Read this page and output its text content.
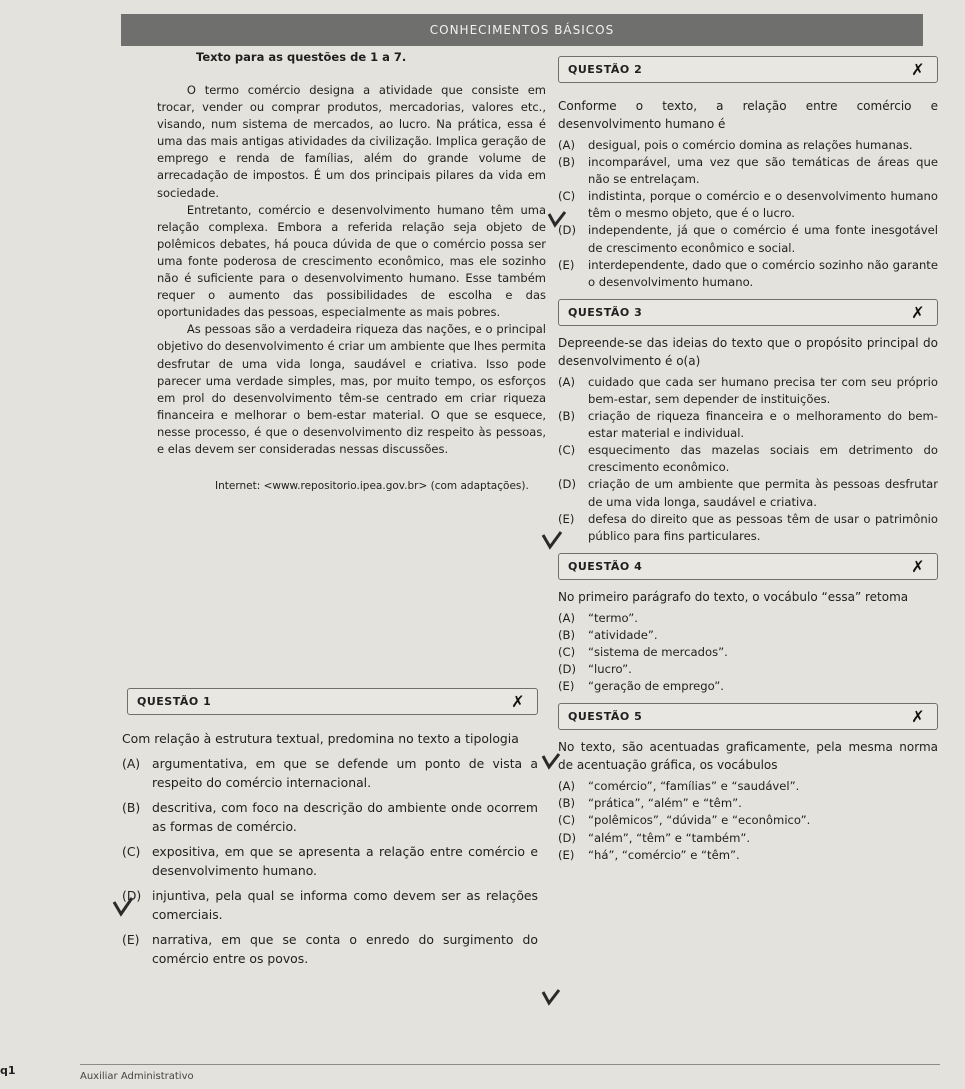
CONHECIMENTOS BÁSICOS
Texto para as questões de 1 a 7.

O termo comércio designa a atividade que consiste em trocar, vender ou comprar produtos, mercadorias, valores etc., visando, num sistema de mercados, ao lucro. Na prática, essa é uma das mais antigas atividades da civilização. Implica geração de emprego e renda de famílias, além do grande volume de arrecadação de impostos. É um dos principais pilares da vida em sociedade.

Entretanto, comércio e desenvolvimento humano têm uma relação complexa. Embora a referida relação seja objeto de polêmicos debates, há pouca dúvida de que o comércio possa ser uma fonte poderosa de crescimento econômico, mas ele sozinho não é suficiente para o desenvolvimento humano. Esse também requer o aumento das possibilidades de escolha e das oportunidades das pessoas, especialmente as mais pobres.

As pessoas são a verdadeira riqueza das nações, e o principal objetivo do desenvolvimento é criar um ambiente que lhes permita desfrutar de uma vida longa, saudável e criativa. Isso pode parecer uma verdade simples, mas, por muito tempo, os esforços em prol do desenvolvimento têm-se centrado em criar riqueza financeira e melhorar o bem-estar material. O que se esquece, nesse processo, é que o desenvolvimento diz respeito às pessoas, e elas devem ser consideradas nessas discussões.

Internet: <www.repositorio.ipea.gov.br> (com adaptações).
QUESTÃO 1	✗
Com relação à estrutura textual, predomina no texto a tipologia
(A) argumentativa, em que se defende um ponto de vista a respeito do comércio internacional.
(B) descritiva, com foco na descrição do ambiente onde ocorrem as formas de comércio.
(C) expositiva, em que se apresenta a relação entre comércio e desenvolvimento humano.
(D) injuntiva, pela qual se informa como devem ser as relações comerciais.
(E)	narrativa, em que se conta o enredo do surgimento do comércio entre os povos.
QUESTÃO 2	✗
Conforme o texto, a relação entre comércio e desenvolvimento humano é
(A)	desigual, pois o comércio domina as relações humanas.
(B)	incomparável, uma vez que são temáticas de áreas que não se entrelaçam.
(C)	indistinta, porque o comércio e o desenvolvimento humano têm o mesmo objeto, que é o lucro.
(D)	independente, já que o comércio é uma fonte inesgotável de crescimento econômico e social.
(E)	interdependente, dado que o comércio sozinho não garante o desenvolvimento humano.
QUESTÃO 3	✗
Depreende-se das ideias do texto que o propósito principal do desenvolvimento é o(a)
(A)	cuidado que cada ser humano precisa ter com seu próprio bem-estar, sem depender de instituições.
(B)	criação de riqueza financeira e o melhoramento do bem-estar material e individual.
(C)	esquecimento das mazelas sociais em detrimento do crescimento econômico.
(D)	criação de um ambiente que permita às pessoas desfrutar de uma vida longa, saudável e criativa.
(E)	defesa do direito que as pessoas têm de usar o patrimônio público para fins particulares.
QUESTÃO 4	✗
No primeiro parágrafo do texto, o vocábulo “essa” retoma
(A)	“termo”.
(B)	“atividade”.
(C)	“sistema de mercados”.
(D)	“lucro”.
(E)	“geração de emprego”.
QUESTÃO 5	✗
No texto, são acentuadas graficamente, pela mesma norma de acentuação gráfica, os vocábulos
(A)	“comércio”, “famílias” e “saudável”.
(B)	“prática”, “além” e “têm”.
(C)	“polêmicos”, “dúvida” e “econômico”.
(D)	“além”, “têm” e “também”.
(E)	“há”, “comércio” e “têm”.
q1	Auxiliar Administrativo
